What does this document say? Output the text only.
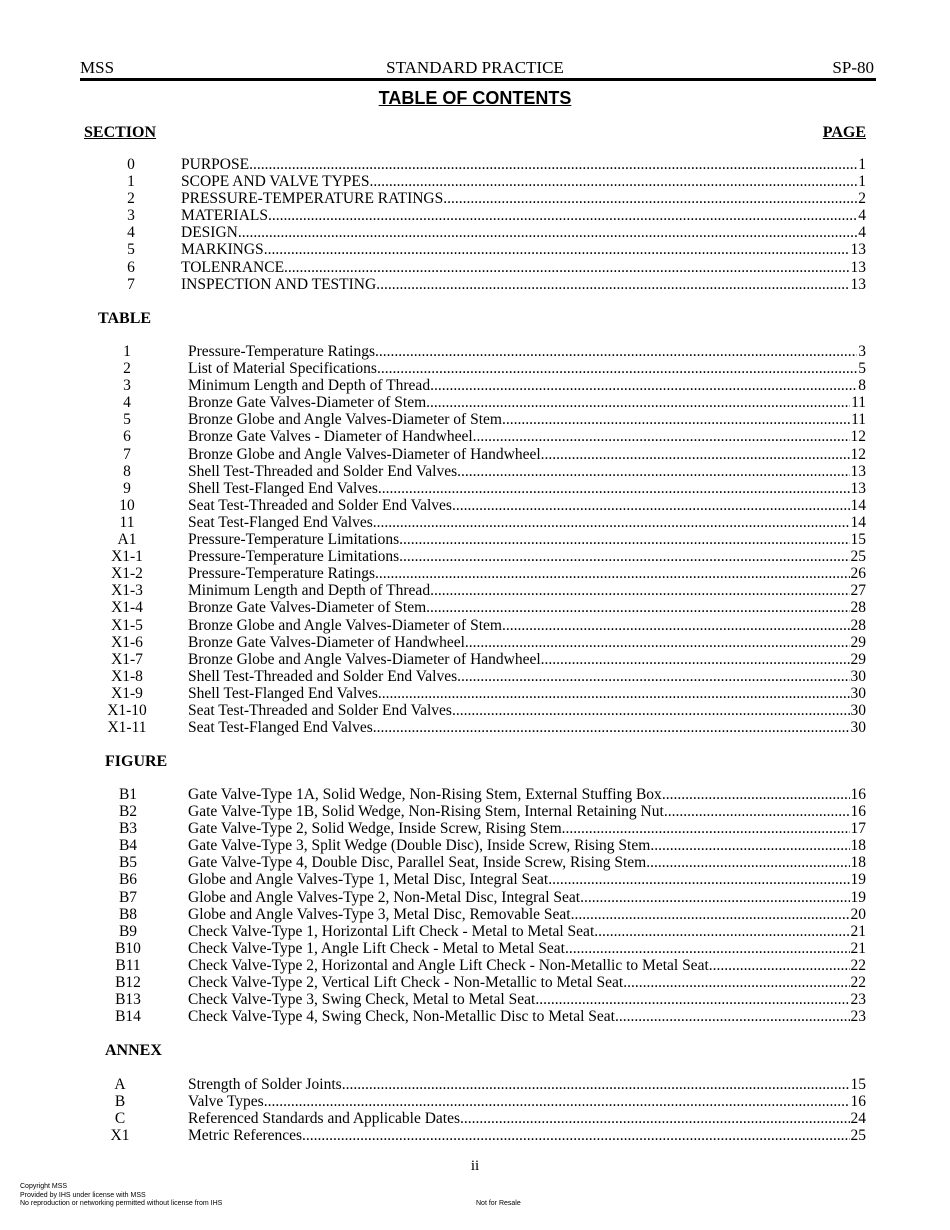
MSS	STANDARD PRACTICE	SP-80
TABLE OF CONTENTS
SECTION	PAGE
0	PURPOSE .....	1
1	SCOPE AND VALVE TYPES .....	1
2	PRESSURE-TEMPERATURE RATINGS .....	2
3	MATERIALS .....	4
4	DESIGN .....	4
5	MARKINGS .....	13
6	TOLENRANCE .....	13
7	INSPECTION AND TESTING .....	13
TABLE
1	Pressure-Temperature Ratings .....	3
2	List of Material Specifications .....	5
3	Minimum Length and Depth of Thread .....	8
4	Bronze Gate Valves-Diameter of Stem .....	11
5	Bronze Globe and Angle Valves-Diameter of Stem .....	11
6	Bronze Gate Valves - Diameter of Handwheel .....	12
7	Bronze Globe and Angle Valves-Diameter of Handwheel .....	12
8	Shell Test-Threaded and Solder End Valves .....	13
9	Shell Test-Flanged End Valves .....	13
10	Seat Test-Threaded and Solder End Valves .....	14
11	Seat Test-Flanged End Valves .....	14
A1	Pressure-Temperature Limitations .....	15
X1-1	Pressure-Temperature Limitations .....	25
X1-2	Pressure-Temperature Ratings .....	26
X1-3	Minimum Length and Depth of Thread .....	27
X1-4	Bronze Gate Valves-Diameter of Stem .....	28
X1-5	Bronze Globe and Angle Valves-Diameter of Stem .....	28
X1-6	Bronze Gate Valves-Diameter of Handwheel .....	29
X1-7	Bronze Globe and Angle Valves-Diameter of Handwheel .....	29
X1-8	Shell Test-Threaded and Solder End Valves .....	30
X1-9	Shell Test-Flanged End Valves .....	30
X1-10	Seat Test-Threaded and Solder End Valves .....	30
X1-11	Seat Test-Flanged End Valves .....	30
FIGURE
B1	Gate Valve-Type 1A, Solid Wedge, Non-Rising Stem, External Stuffing Box .....	16
B2	Gate Valve-Type 1B, Solid Wedge, Non-Rising Stem, Internal Retaining Nut .....	16
B3	Gate Valve-Type 2, Solid Wedge, Inside Screw, Rising Stem .....	17
B4	Gate Valve-Type 3, Split Wedge (Double Disc), Inside Screw, Rising Stem .....	18
B5	Gate Valve-Type 4, Double Disc, Parallel Seat, Inside Screw, Rising Stem .....	18
B6	Globe and Angle Valves-Type 1, Metal Disc, Integral Seat .....	19
B7	Globe and Angle Valves-Type 2, Non-Metal Disc, Integral Seat .....	19
B8	Globe and Angle Valves-Type 3, Metal Disc, Removable Seat .....	20
B9	Check Valve-Type 1, Horizontal Lift Check - Metal to Metal Seat .....	21
B10	Check Valve-Type 1, Angle Lift Check - Metal to Metal Seat .....	21
B11	Check Valve-Type 2, Horizontal and Angle Lift Check - Non-Metallic to Metal Seat .....	22
B12	Check Valve-Type 2, Vertical Lift Check - Non-Metallic to Metal Seat .....	22
B13	Check Valve-Type 3, Swing Check, Metal to Metal Seat .....	23
B14	Check Valve-Type 4, Swing Check, Non-Metallic Disc to Metal Seat .....	23
ANNEX
A	Strength of Solder Joints .....	15
B	Valve Types .....	16
C	Referenced Standards and Applicable Dates .....	24
X1	Metric References .....	25
ii
Copyright MSS
Provided by IHS under license with MSS
No reproduction or networking permitted without license from IHS	Not for Resale
